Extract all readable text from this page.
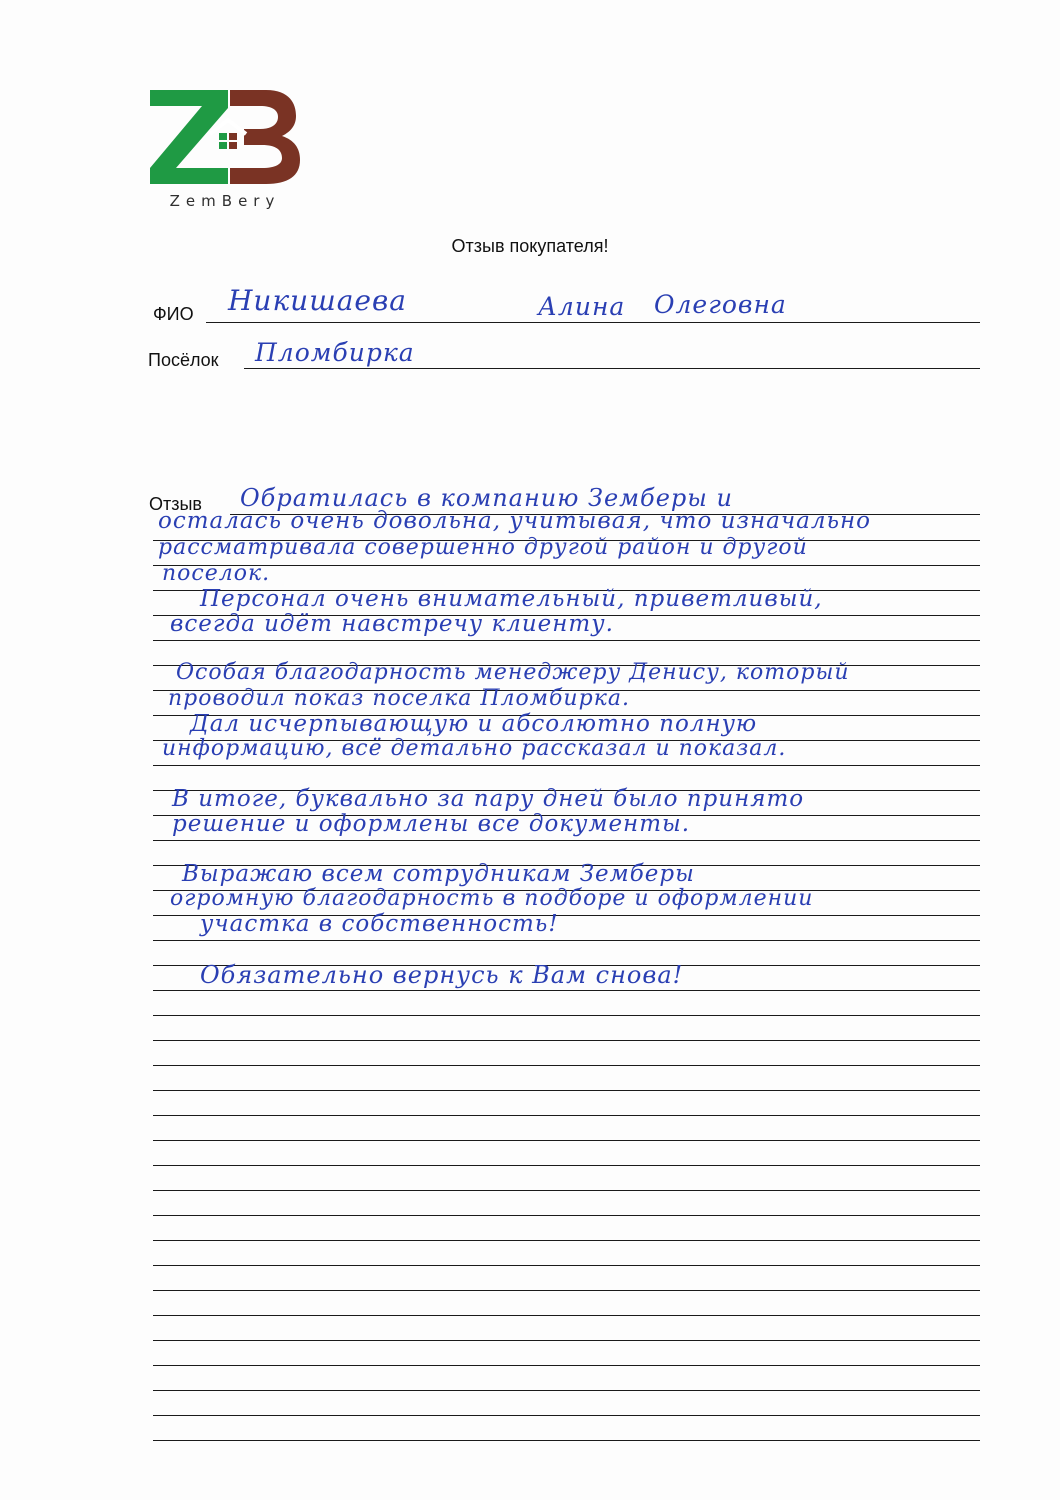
ZemBery
Отзыв покупателя!
ФИО Никишаева	Алина Олеговна
Посёлок Пломбирка
Отзыв Обратилась в компанию Земберы и
осталась очень довольна, учитывая, что изначально
рассматривала совершенно другой район и другой
поселок.
Персонал очень внимательный, приветливый,
всегда идёт навстречу клиенту.
Особая благодарность менеджеру Денису, который
проводил показ поселка Пломбирка.
Дал исчерпывающую и абсолютно полную
информацию, всё детально рассказал и показал.
В итоге, буквально за пару дней было принято
решение и оформлены все документы.
Выражаю всем сотрудникам Земберы
огромную благодарность в подборе и оформлении
участка в собственность!
Обязательно вернусь к Вам снова!
